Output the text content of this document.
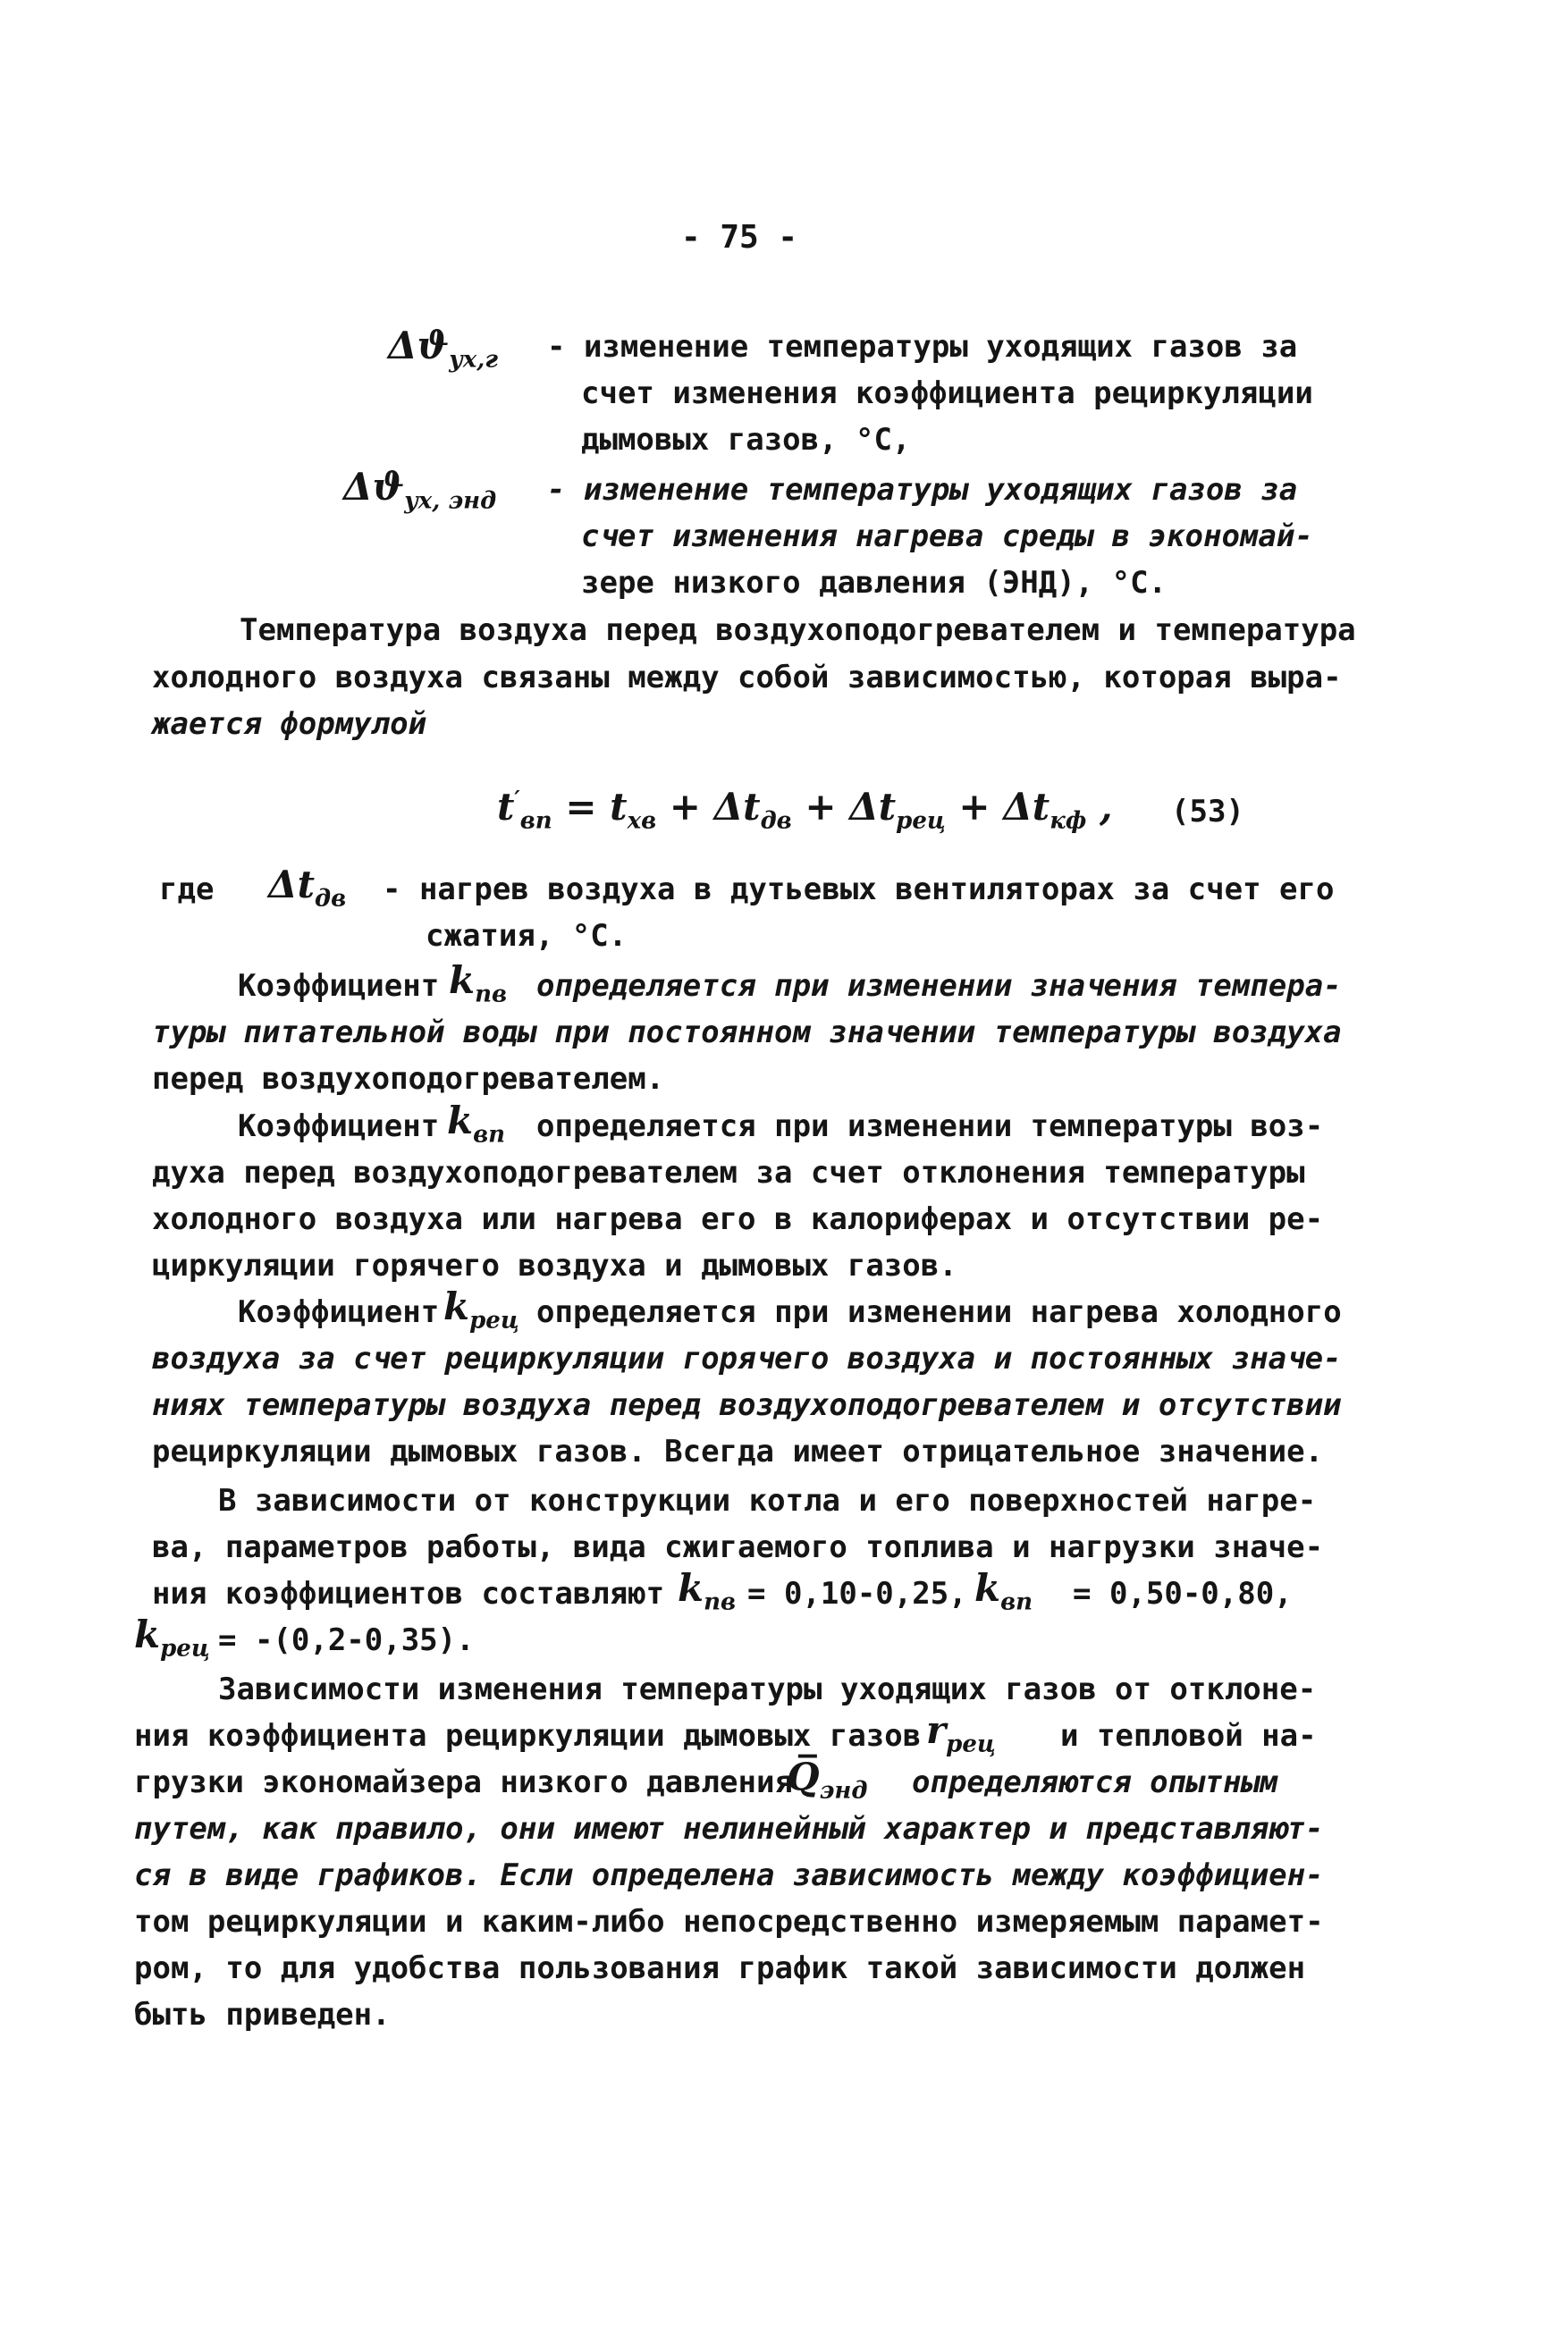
- 75 -
$\Delta ϑ_{ух,г}$ - изменение температуры уходящих газов за
счет изменения коэффициента рециркуляции
дымовых газов, °С,
$\Delta ϑ_{ух, энд}$ - изменение температуры уходящих газов за
счет изменения нагрева среды в экономай-
зере низкого давления (ЭНД), °С.
Температура воздуха перед воздухоподогревателем и температура
холодного воздуха связаны между собой зависимостью, которая выра-
жается формулой
$t'_{вп} = t_{хв} + \Delta t_{дв} + \Delta t_{рец} + \Delta t_{кф}$ , (53)
где $\Delta t_{дв}$ - нагрев воздуха в дутьевых вентиляторах за счет его
сжатия, °С.
Коэффициент $k_{пв}$ определяется при изменении значения темпера-
туры питательной воды при постоянном значении температуры воздуха
перед воздухоподогревателем.
Коэффициент $k_{вп}$ определяется при изменении температуры воз-
духа перед воздухоподогревателем за счет отклонения температуры
холодного воздуха или нагрева его в калориферах и отсутствии ре-
циркуляции горячего воздуха и дымовых газов.
Коэффициент $k_{рец}$ определяется при изменении нагрева холодного
воздуха за счет рециркуляции горячего воздуха и постоянных значе-
ниях температуры воздуха перед воздухоподогревателем и отсутствии
рециркуляции дымовых газов. Всегда имеет отрицательное значение.
В зависимости от конструкции котла и его поверхностей нагре-
ва, параметров работы, вида сжигаемого топлива и нагрузки значе-
ния коэффициентов составляют $k_{пв} = 0,10-0,25$, $k_{вп} = 0,50-0,80$,
$k_{рец} = -(0,2-0,35)$.
Зависимости изменения температуры уходящих газов от отклоне-
ния коэффициента рециркуляции дымовых газов $r_{рец}$ и тепловой на-
грузки экономайзера низкого давления
$Q̅_{энд}$ определяются опытным
путем, как правило, они имеют нелинейный характер и представляют-
ся в виде графиков. Если определена зависимость между коэффициен-
том рециркуляции и каким-либо непосредственно измеряемым парамет-
ром, то для удобства пользования график такой зависимости должен
быть приведен.
